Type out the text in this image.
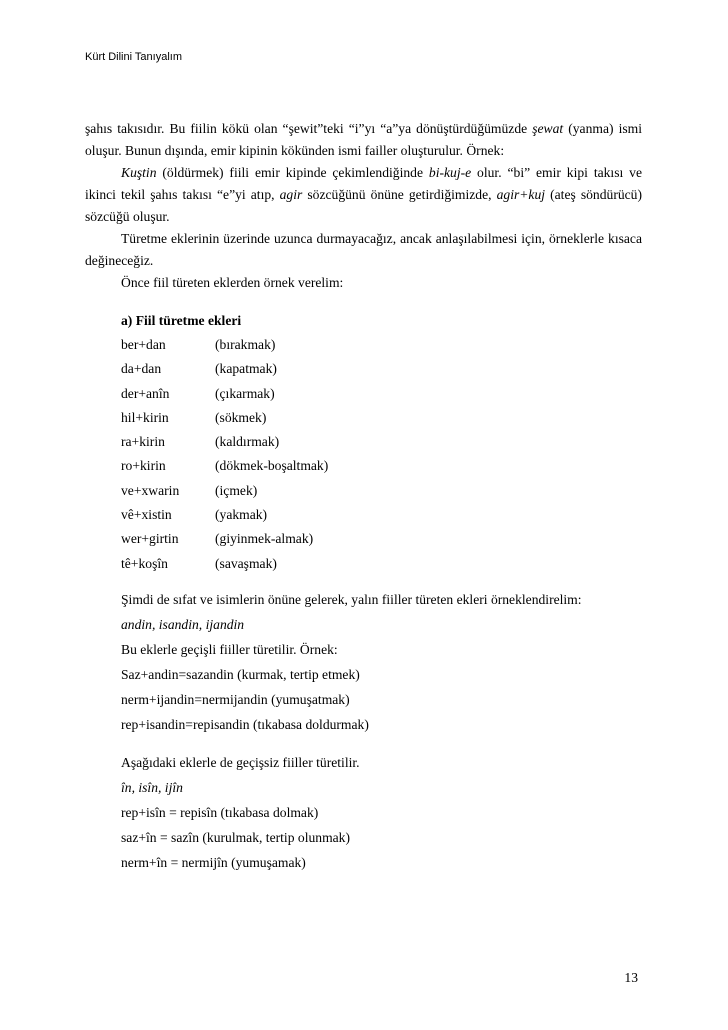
Kürt Dilini Tanıyalım

şahıs takısıdır. Bu fiilin kökü olan “şewit”teki “i”yı “a”ya dönüştürdüğümüzde şewat (yanma) ismi oluşur. Bunun dışında, emir kipinin kökünden ismi failler oluşturulur. Örnek:

Kuştin (öldürmek) fiili emir kipinde çekimlendiğinde bi-kuj-e olur. “bi” emir kipi takısı ve ikinci tekil şahıs takısı “e”yi atıp, agir sözcüğünü önüne getirdiğimizde, agir+kuj (ateş söndürücü) sözcüğü oluşur.

Türetme eklerinin üzerinde uzunca durmayacağız, ancak anlaşılabilmesi için, örneklerle kısaca değineceğiz.

Önce fiil türeten eklerden örnek verelim:

a) Fiil türetme ekleri

ber+dan	(bırakmak)

da+dan	(kapatmak)

der+anîn	(çıkarmak)

hil+kirin	(sökmek)

ra+kirin	(kaldırmak)

ro+kirin	(dökmek-boşaltmak)

ve+xwarin	(içmek)

vê+xistin	(yakmak)

wer+girtin	(giyinmek-almak)

tê+koşîn	(savaşmak)

Şimdi de sıfat ve isimlerin önüne gelerek, yalın fiiller türeten ekleri örneklendirelim:

andin, isandin, ijandin

Bu eklerle geçişli fiiller türetilir. Örnek:

Saz+andin=sazandin (kurmak, tertip etmek)

nerm+ijandin=nermijandin (yumuşatmak)

rep+isandin=repisandin (tıkabasa doldurmak)

Aşağıdaki eklerle de geçişsiz fiiller türetilir.

în, isîn, ijîn

rep+isîn = repisîn (tıkabasa dolmak)

saz+în = sazîn (kurulmak, tertip olunmak)

nerm+în = nermijîn (yumuşamak)

13
